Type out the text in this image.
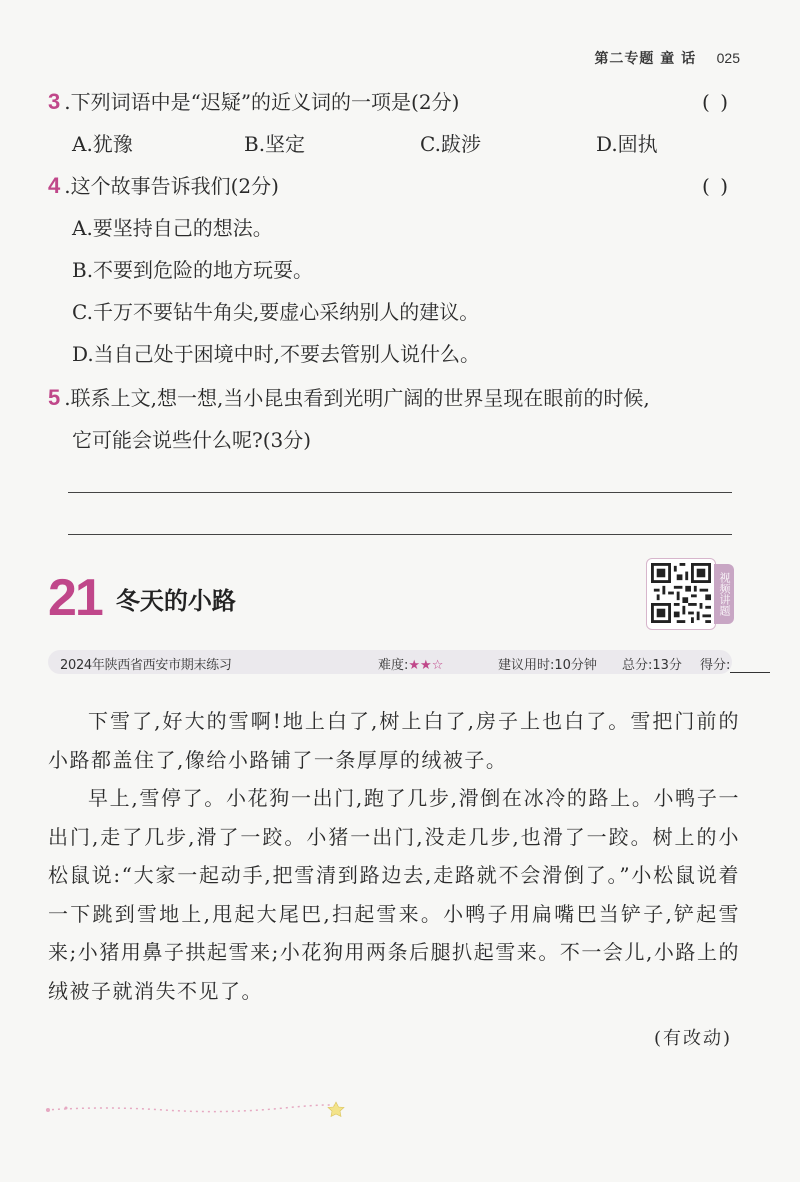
第二专题 童 话 025
3 .下列词语中是“迟疑”的近义词的一项是(2分)	( )
A.犹豫	B.坚定	C.跋涉	D.固执
4 .这个故事告诉我们(2分)	( )
A.要坚持自己的想法。
B.不要到危险的地方玩耍。
C.千万不要钻牛角尖,要虚心采纳别人的建议。
D.当自己处于困境中时,不要去管别人说什么。
5 .联系上文,想一想,当小昆虫看到光明广阔的世界呈现在眼前的时候,
它可能会说些什么呢?(3分)
21 冬天的小路	视频讲题
2024年陕西省西安市期末练习	难度:★★☆	建议用时:10分钟 总分:13分 得分:

下雪了,好大的雪啊!地上白了,树上白了,房子上也白了。雪把门前的小路都盖住了,像给小路铺了一条厚厚的绒被子。

早上,雪停了。小花狗一出门,跑了几步,滑倒在冰冷的路上。小鸭子一出门,走了几步,滑了一跤。小猪一出门,没走几步,也滑了一跤。树上的小松鼠说:“大家一起动手,把雪清到路边去,走路就不会滑倒了。”小松鼠说着一下跳到雪地上,甩起大尾巴,扫起雪来。小鸭子用扁嘴巴当铲子,铲起雪来;小猪用鼻子拱起雪来;小花狗用两条后腿扒起雪来。不一会儿,小路上的绒被子就消失不见了。

(有改动)
